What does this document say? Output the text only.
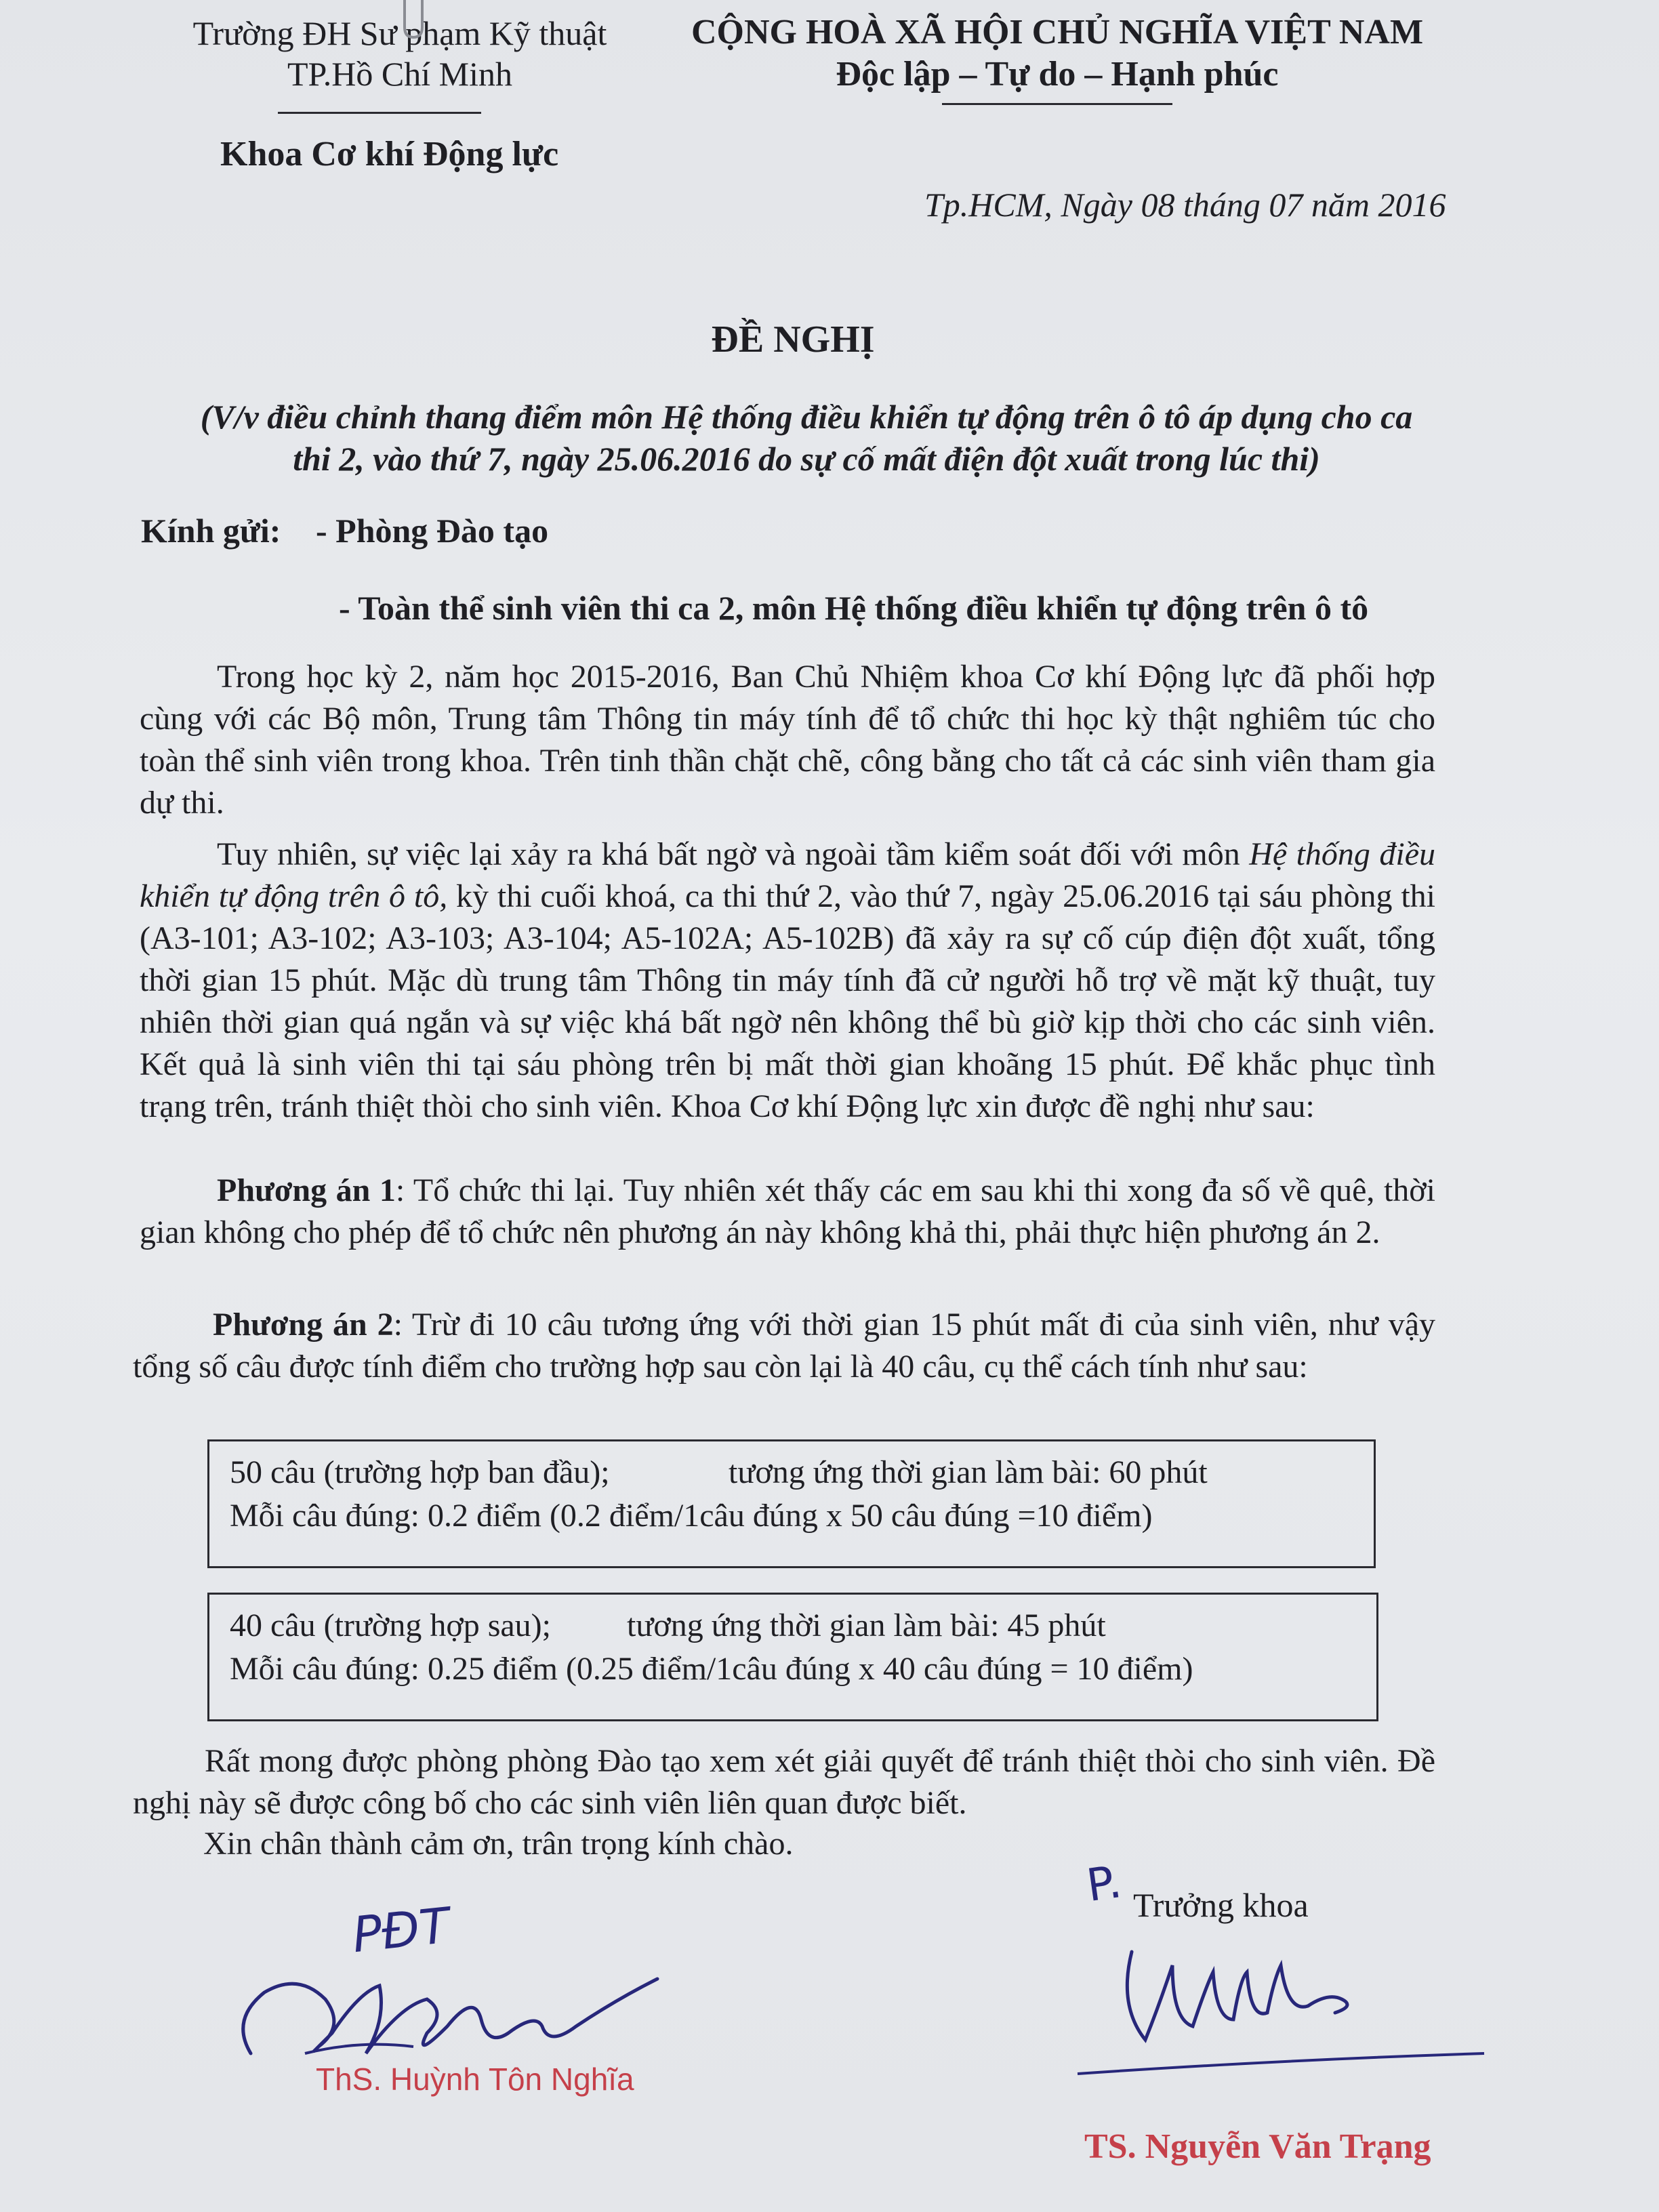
Trường ĐH Sư phạm Kỹ thuật
TP.Hồ Chí Minh
CỘNG HOÀ XÃ HỘI CHỦ NGHĨA VIỆT NAM
Độc lập – Tự do – Hạnh phúc
Khoa Cơ khí Động lực
Tp.HCM, Ngày 08 tháng 07 năm 2016
ĐỀ NGHỊ
(V/v điều chỉnh thang điểm môn Hệ thống điều khiển tự động trên ô tô áp dụng cho ca
thi 2, vào thứ 7, ngày 25.06.2016 do sự cố mất điện đột xuất trong lúc thi)
Kính gửi: - Phòng Đào tạo
- Toàn thể sinh viên thi ca 2, môn Hệ thống điều khiển tự động trên ô tô

Trong học kỳ 2, năm học 2015-2016, Ban Chủ Nhiệm khoa Cơ khí Động lực đã phối hợp cùng với các Bộ môn, Trung tâm Thông tin máy tính để tổ chức thi học kỳ thật nghiêm túc cho toàn thể sinh viên trong khoa. Trên tinh thần chặt chẽ, công bằng cho tất cả các sinh viên tham gia dự thi.

Tuy nhiên, sự việc lại xảy ra khá bất ngờ và ngoài tầm kiểm soát đối với môn Hệ thống điều khiển tự động trên ô tô, kỳ thi cuối khoá, ca thi thứ 2, vào thứ 7, ngày 25.06.2016 tại sáu phòng thi (A3-101; A3-102; A3-103; A3-104; A5-102A; A5-102B) đã xảy ra sự cố cúp điện đột xuất, tổng thời gian 15 phút. Mặc dù trung tâm Thông tin máy tính đã cử người hỗ trợ về mặt kỹ thuật, tuy nhiên thời gian quá ngắn và sự việc khá bất ngờ nên không thể bù giờ kịp thời cho các sinh viên. Kết quả là sinh viên thi tại sáu phòng trên bị mất thời gian khoãng 15 phút. Để khắc phục tình trạng trên, tránh thiệt thòi cho sinh viên. Khoa Cơ khí Động lực xin được đề nghị như sau:

Phương án 1: Tổ chức thi lại. Tuy nhiên xét thấy các em sau khi thi xong đa số về quê, thời gian không cho phép để tổ chức nên phương án này không khả thi, phải thực hiện phương án 2.

Phương án 2: Trừ đi 10 câu tương ứng với thời gian 15 phút mất đi của sinh viên, như vậy tổng số câu được tính điểm cho trường hợp sau còn lại là 40 câu, cụ thể cách tính như sau:

50 câu (trường hợp ban đầu);	tương ứng thời gian làm bài: 60 phút
Mỗi câu đúng: 0.2 điểm (0.2 điểm/1câu đúng x 50 câu đúng =10 điểm)
40 câu (trường hợp sau); tương ứng thời gian làm bài: 45 phút
Mỗi câu đúng: 0.25 điểm (0.25 điểm/1câu đúng x 40 câu đúng = 10 điểm)

Rất mong được phòng phòng Đào tạo xem xét giải quyết để tránh thiệt thòi cho sinh viên. Đề nghị này sẽ được công bố cho các sinh viên liên quan được biết.

Xin chân thành cảm ơn, trân trọng kính chào.
PĐT
ThS. Huỳnh Tôn Nghĩa
P. Trưởng khoa
TS. Nguyễn Văn Trạng
